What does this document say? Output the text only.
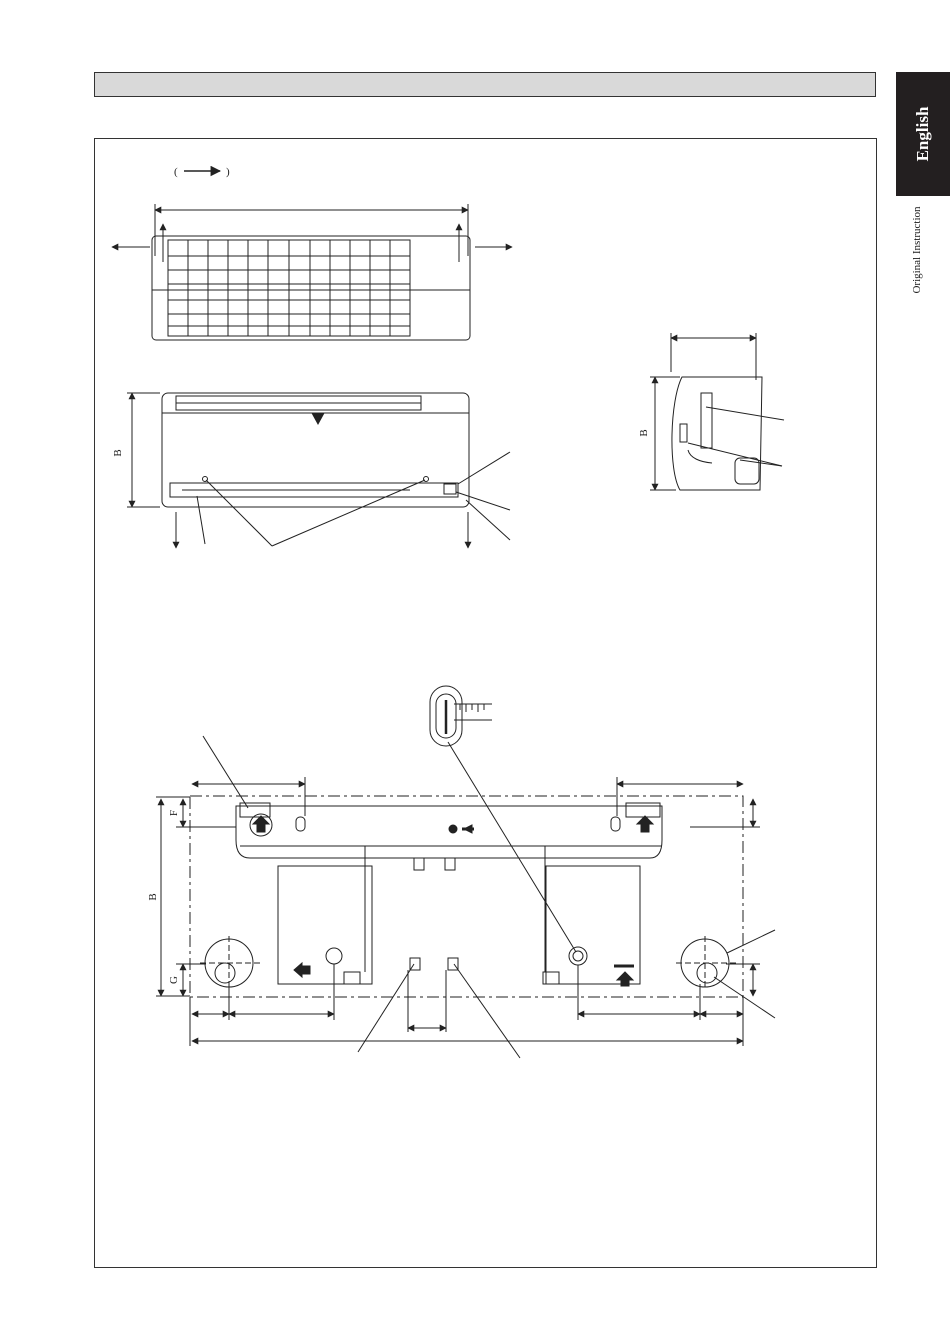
English
Original Instruction
(	)
B
B
B
F
G
